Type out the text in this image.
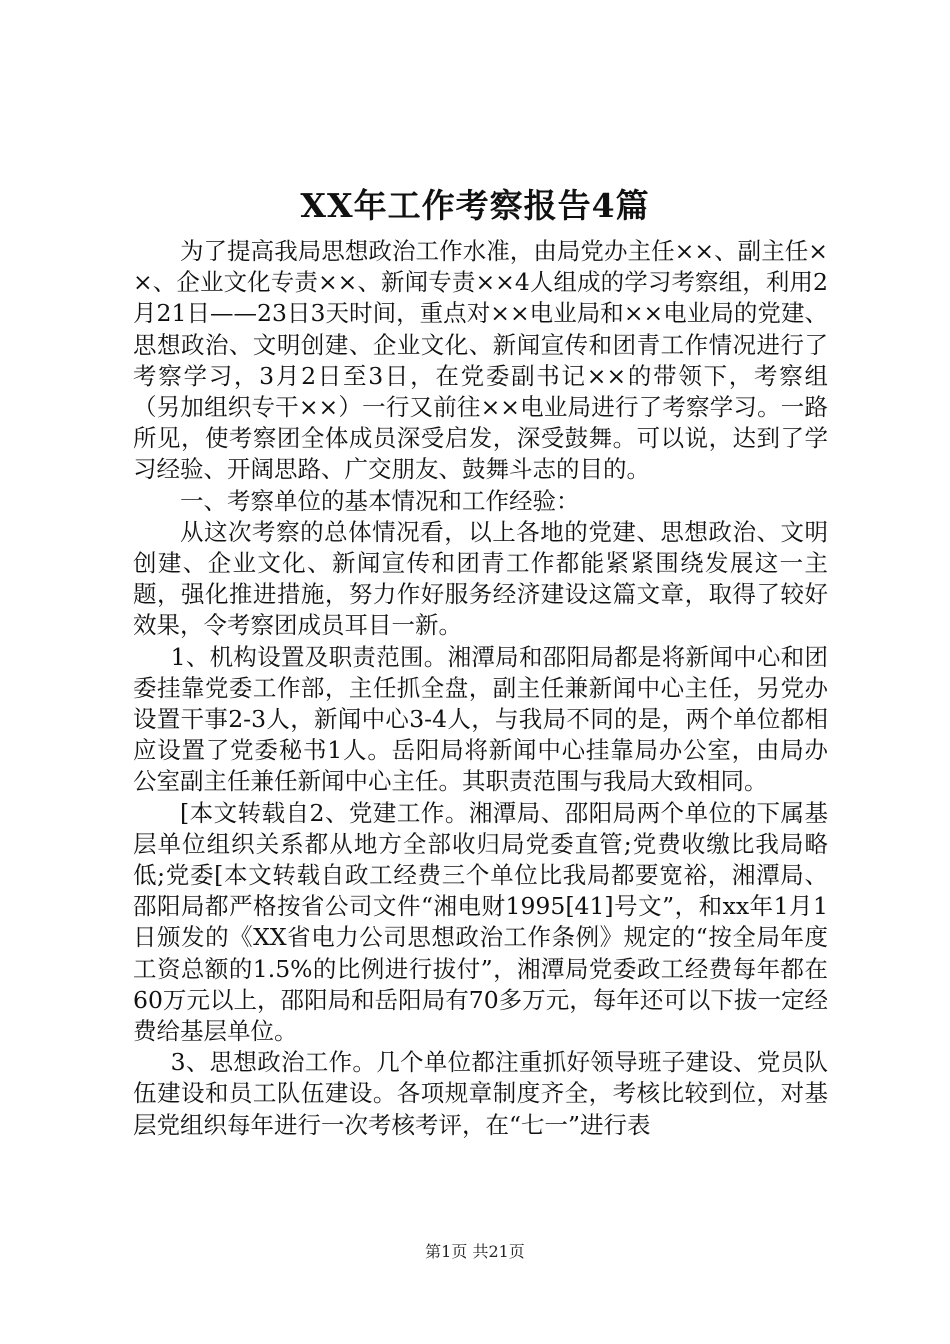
XX年工作考察报告4篇

为了提高我局思想政治工作水准，由局党办主任××、副主任××、企业文化专责××、新闻专责××4人组成的学习考察组，利用2月21日——23日3天时间，重点对××电业局和××电业局的党建、思想政治、文明创建、企业文化、新闻宣传和团青工作情况进行了考察学习，3月2日至3日，在党委副书记××的带领下，考察组（另加组织专干××）一行又前往××电业局进行了考察学习。一路所见，使考察团全体成员深受启发，深受鼓舞。可以说，达到了学习经验、开阔思路、广交朋友、鼓舞斗志的目的。

一、考察单位的基本情况和工作经验：

从这次考察的总体情况看，以上各地的党建、思想政治、文明创建、企业文化、新闻宣传和团青工作都能紧紧围绕发展这一主题，强化推进措施，努力作好服务经济建设这篇文章，取得了较好效果，令考察团成员耳目一新。

1、机构设置及职责范围。湘潭局和邵阳局都是将新闻中心和团委挂靠党委工作部，主任抓全盘，副主任兼新闻中心主任，另党办设置干事2-3人，新闻中心3-4人，与我局不同的是，两个单位都相应设置了党委秘书1人。岳阳局将新闻中心挂靠局办公室，由局办公室副主任兼任新闻中心主任。其职责范围与我局大致相同。

[本文转载自2、党建工作。湘潭局、邵阳局两个单位的下属基层单位组织关系都从地方全部收归局党委直管;党费收缴比我局略低;党委[本文转载自政工经费三个单位比我局都要宽裕，湘潭局、邵阳局都严格按省公司文件“湘电财1995[41]号文”，和xx年1月1日颁发的《XX省电力公司思想政治工作条例》规定的“按全局年度工资总额的1.5%的比例进行拔付”，湘潭局党委政工经费每年都在60万元以上，邵阳局和岳阳局有70多万元，每年还可以下拔一定经费给基层单位。

3、思想政治工作。几个单位都注重抓好领导班子建设、党员队伍建设和员工队伍建设。各项规章制度齐全，考核比较到位，对基层党组织每年进行一次考核考评，在“七一”进行表

第1页 共21页
